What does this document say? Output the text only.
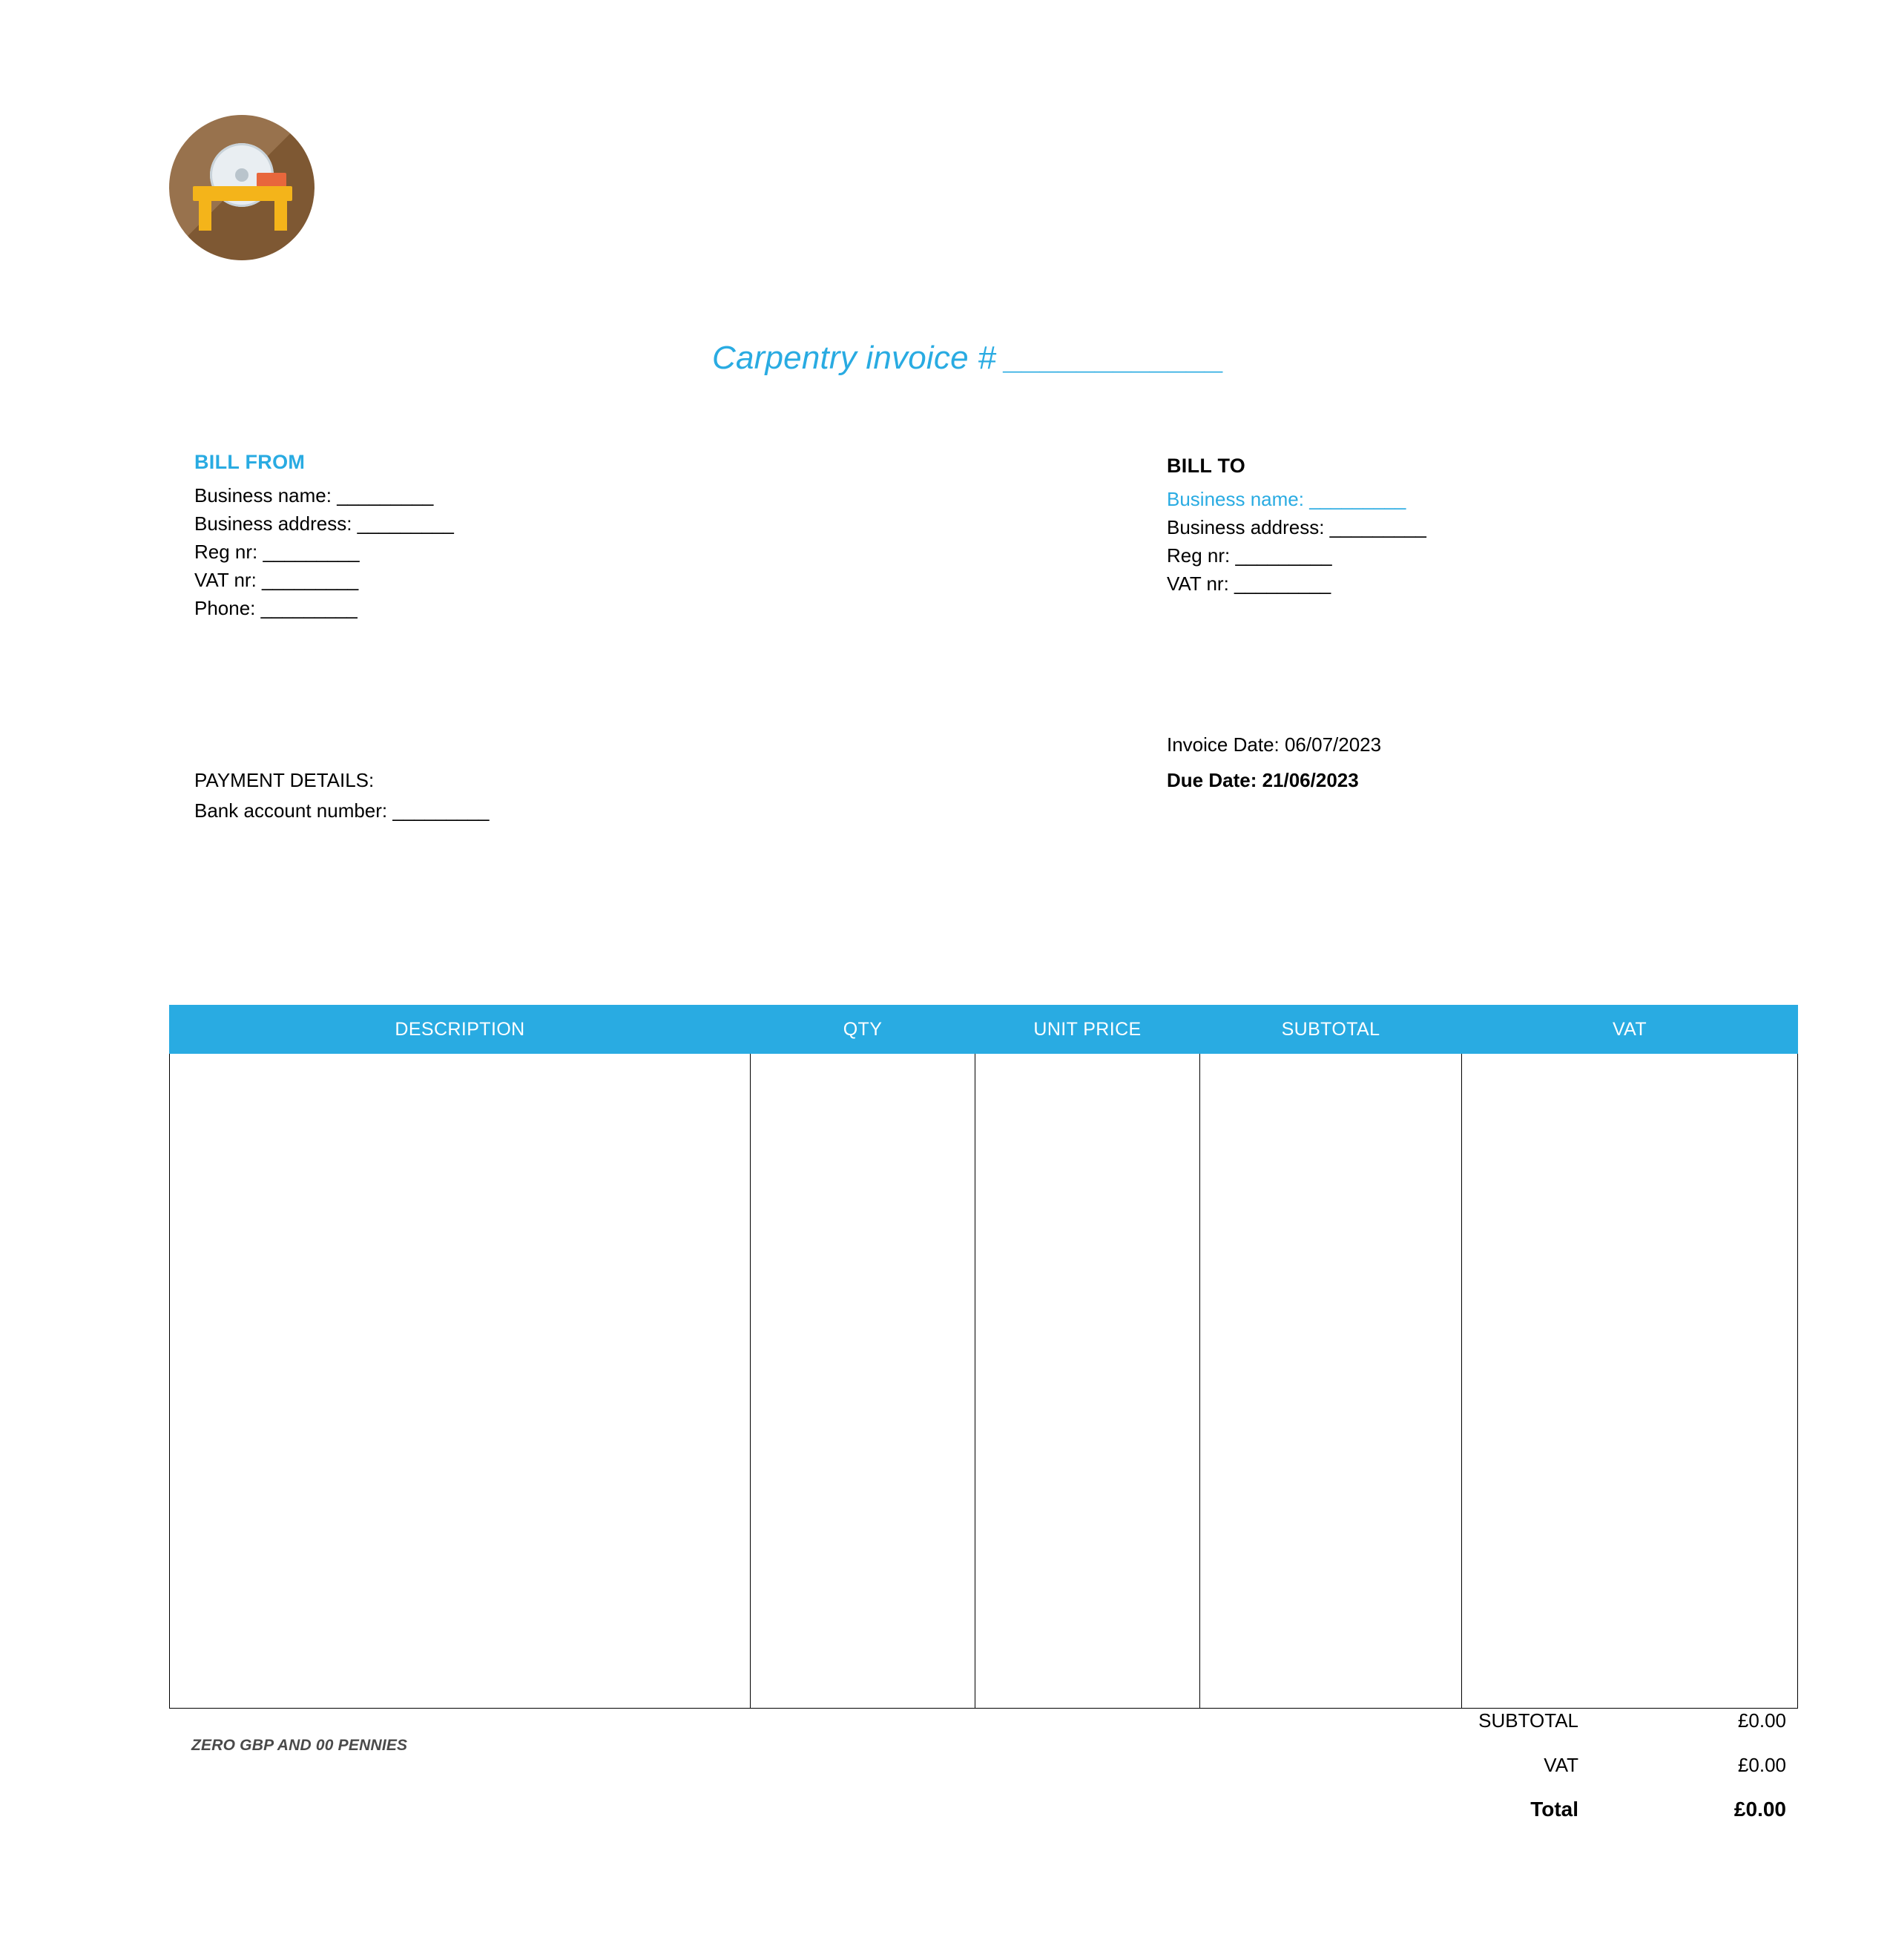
Carpentry invoice # ____________
BILL FROM
Business name: _________
Business address: _________
Reg nr: _________
VAT nr: _________
Phone: _________
BILL TO
Business name: _________
Business address: _________
Reg nr: _________
VAT nr: _________
Invoice Date: 06/07/2023
Due Date: 21/06/2023
PAYMENT DETAILS:
Bank account number: _________
DESCRIPTION	QTY	UNIT PRICE	SUBTOTAL	VAT

ZERO GBP AND 00 PENNIES
SUBTOTAL	£0.00
VAT	£0.00
Total	£0.00
